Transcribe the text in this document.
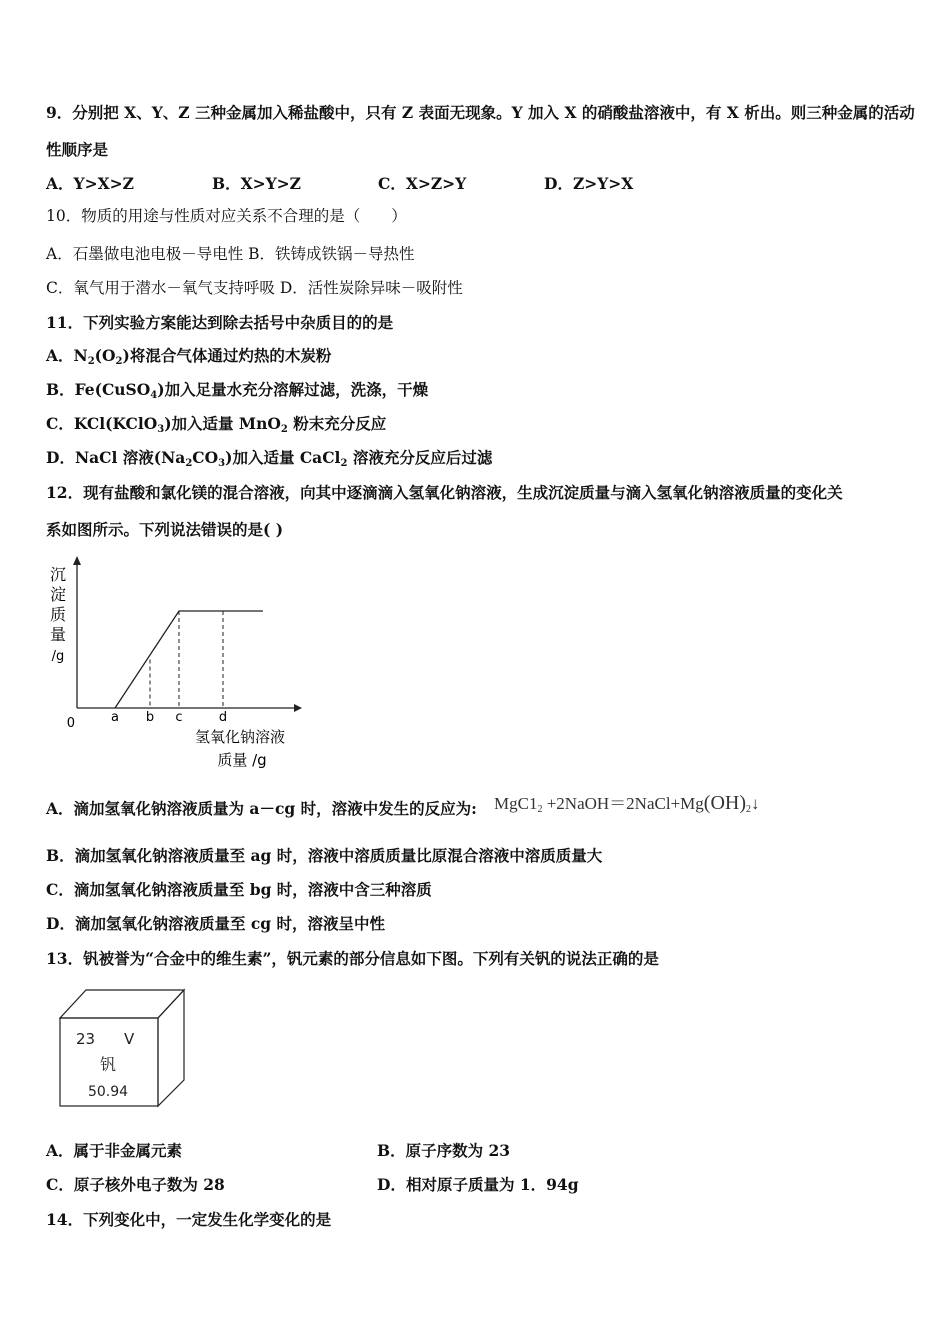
9．分别把 X、Y、Z 三种金属加入稀盐酸中，只有 Z 表面无现象。Y 加入 X 的硝酸盐溶液中，有 X 析出。则三种金属的活动
性顺序是
A．Y>X>Z	B．X>Y>Z	C．X>Z>Y	D．Z>Y>X
10．物质的用途与性质对应关系不合理的是（　　）
A．石墨做电池电极－导电性 B．铁铸成铁锅－导热性
C．氧气用于潜水－氧气支持呼吸 D．活性炭除异味－吸附性
11．下列实验方案能达到除去括号中杂质目的的是
A．$N_2(O_2)$将混合气体通过灼热的木炭粉
B．Fe(CuSO$_4$)加入足量水充分溶解过滤，洗涤，干燥
C．KCl(KClO$_3$)加入适量 MnO$_2$ 粉末充分反应
D．NaCl 溶液$(Na_2CO_3)$加入适量 CaCl$_2$ 溶液充分反应后过滤
12．现有盐酸和氯化镁的混合溶液，向其中逐滴滴入氢氧化钠溶液，生成沉淀质量与滴入氢氧化钠溶液质量的变化关
系如图所示。下列说法错误的是( )
沉
淀
质
量
/g
0	a b c	d
氢氧化钠溶液
质量 /g
A．滴加氢氧化钠溶液质量为 a－cg 时，溶液中发生的反应为: $MgC1_2$ $+2NaOH=2NaCl+Mg(OH)_2↓$
B．滴加氢氧化钠溶液质量至 ag 时，溶液中溶质质量比原混合溶液中溶质质量大
C．滴加氢氧化钠溶液质量至 bg 时，溶液中含三种溶质
D．滴加氢氧化钠溶液质量至 cg 时，溶液呈中性
13．钒被誉为“合金中的维生素”，钒元素的部分信息如下图。下列有关钒的说法正确的是
23 V
钒
50.94
A．属于非金属元素	B．原子序数为 23
C．原子核外电子数为 28	D．相对原子质量为 1．94g
14．下列变化中，一定发生化学变化的是
